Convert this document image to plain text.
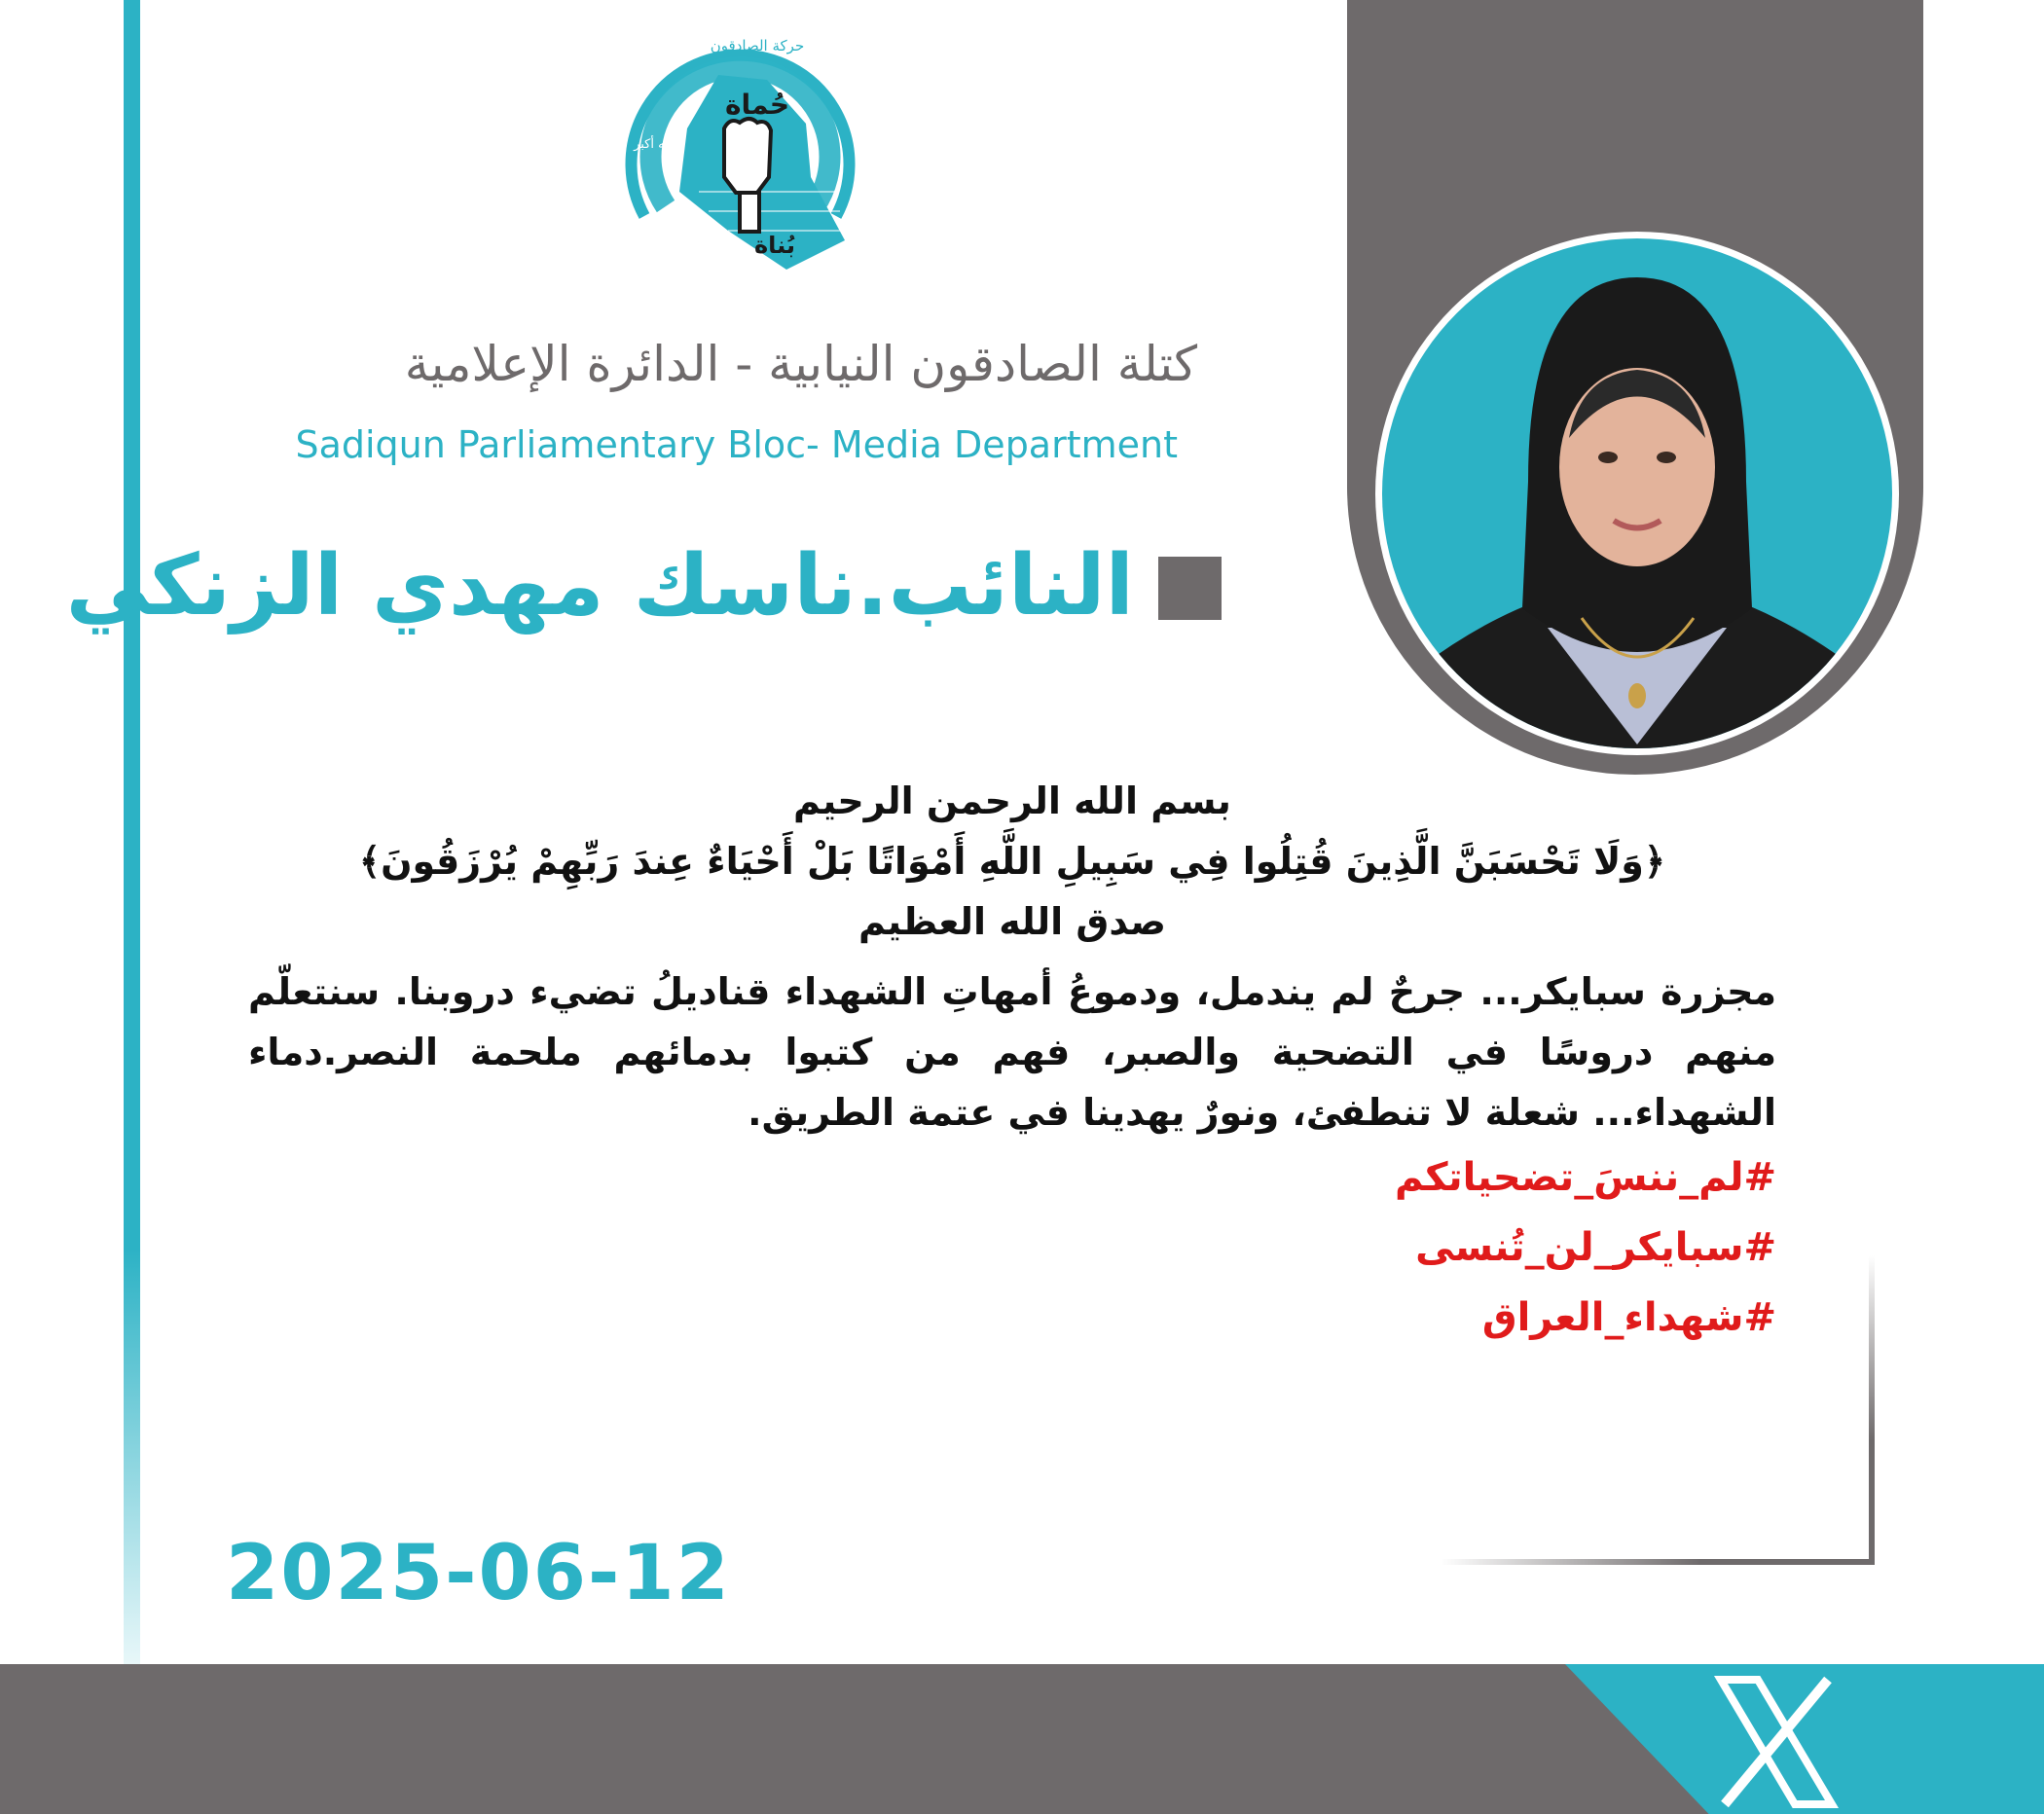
حُماة
بُناة
حركة الصادقون
الله أكبر
كتلة الصادقون النيابية - الدائرة الإعلامية
Sadiqun Parliamentary Bloc- Media Department
النائب.ناسك مهدي الزنكي
بسم الله الرحمن الرحيم
﴿وَلَا تَحْسَبَنَّ الَّذِينَ قُتِلُوا فِي سَبِيلِ اللَّهِ أَمْوَاتًا بَلْ أَحْيَاءٌ عِندَ رَبِّهِمْ يُرْزَقُونَ﴾
صدق الله العظيم
مجزرة سبايكر... جرحٌ لم يندمل، ودموعُ أمهاتِ الشهداء قناديلُ تضيء دروبنا. سنتعلّم منهم دروسًا في التضحية والصبر، فهم من كتبوا بدمائهم ملحمة النصر.دماء الشهداء... شعلة لا تنطفئ، ونورٌ يهدينا في عتمة الطريق.
#لم_ننسَ_تضحياتكم
#سبايكر_لن_تُنسى
#شهداء_العراق
2025-06-12
